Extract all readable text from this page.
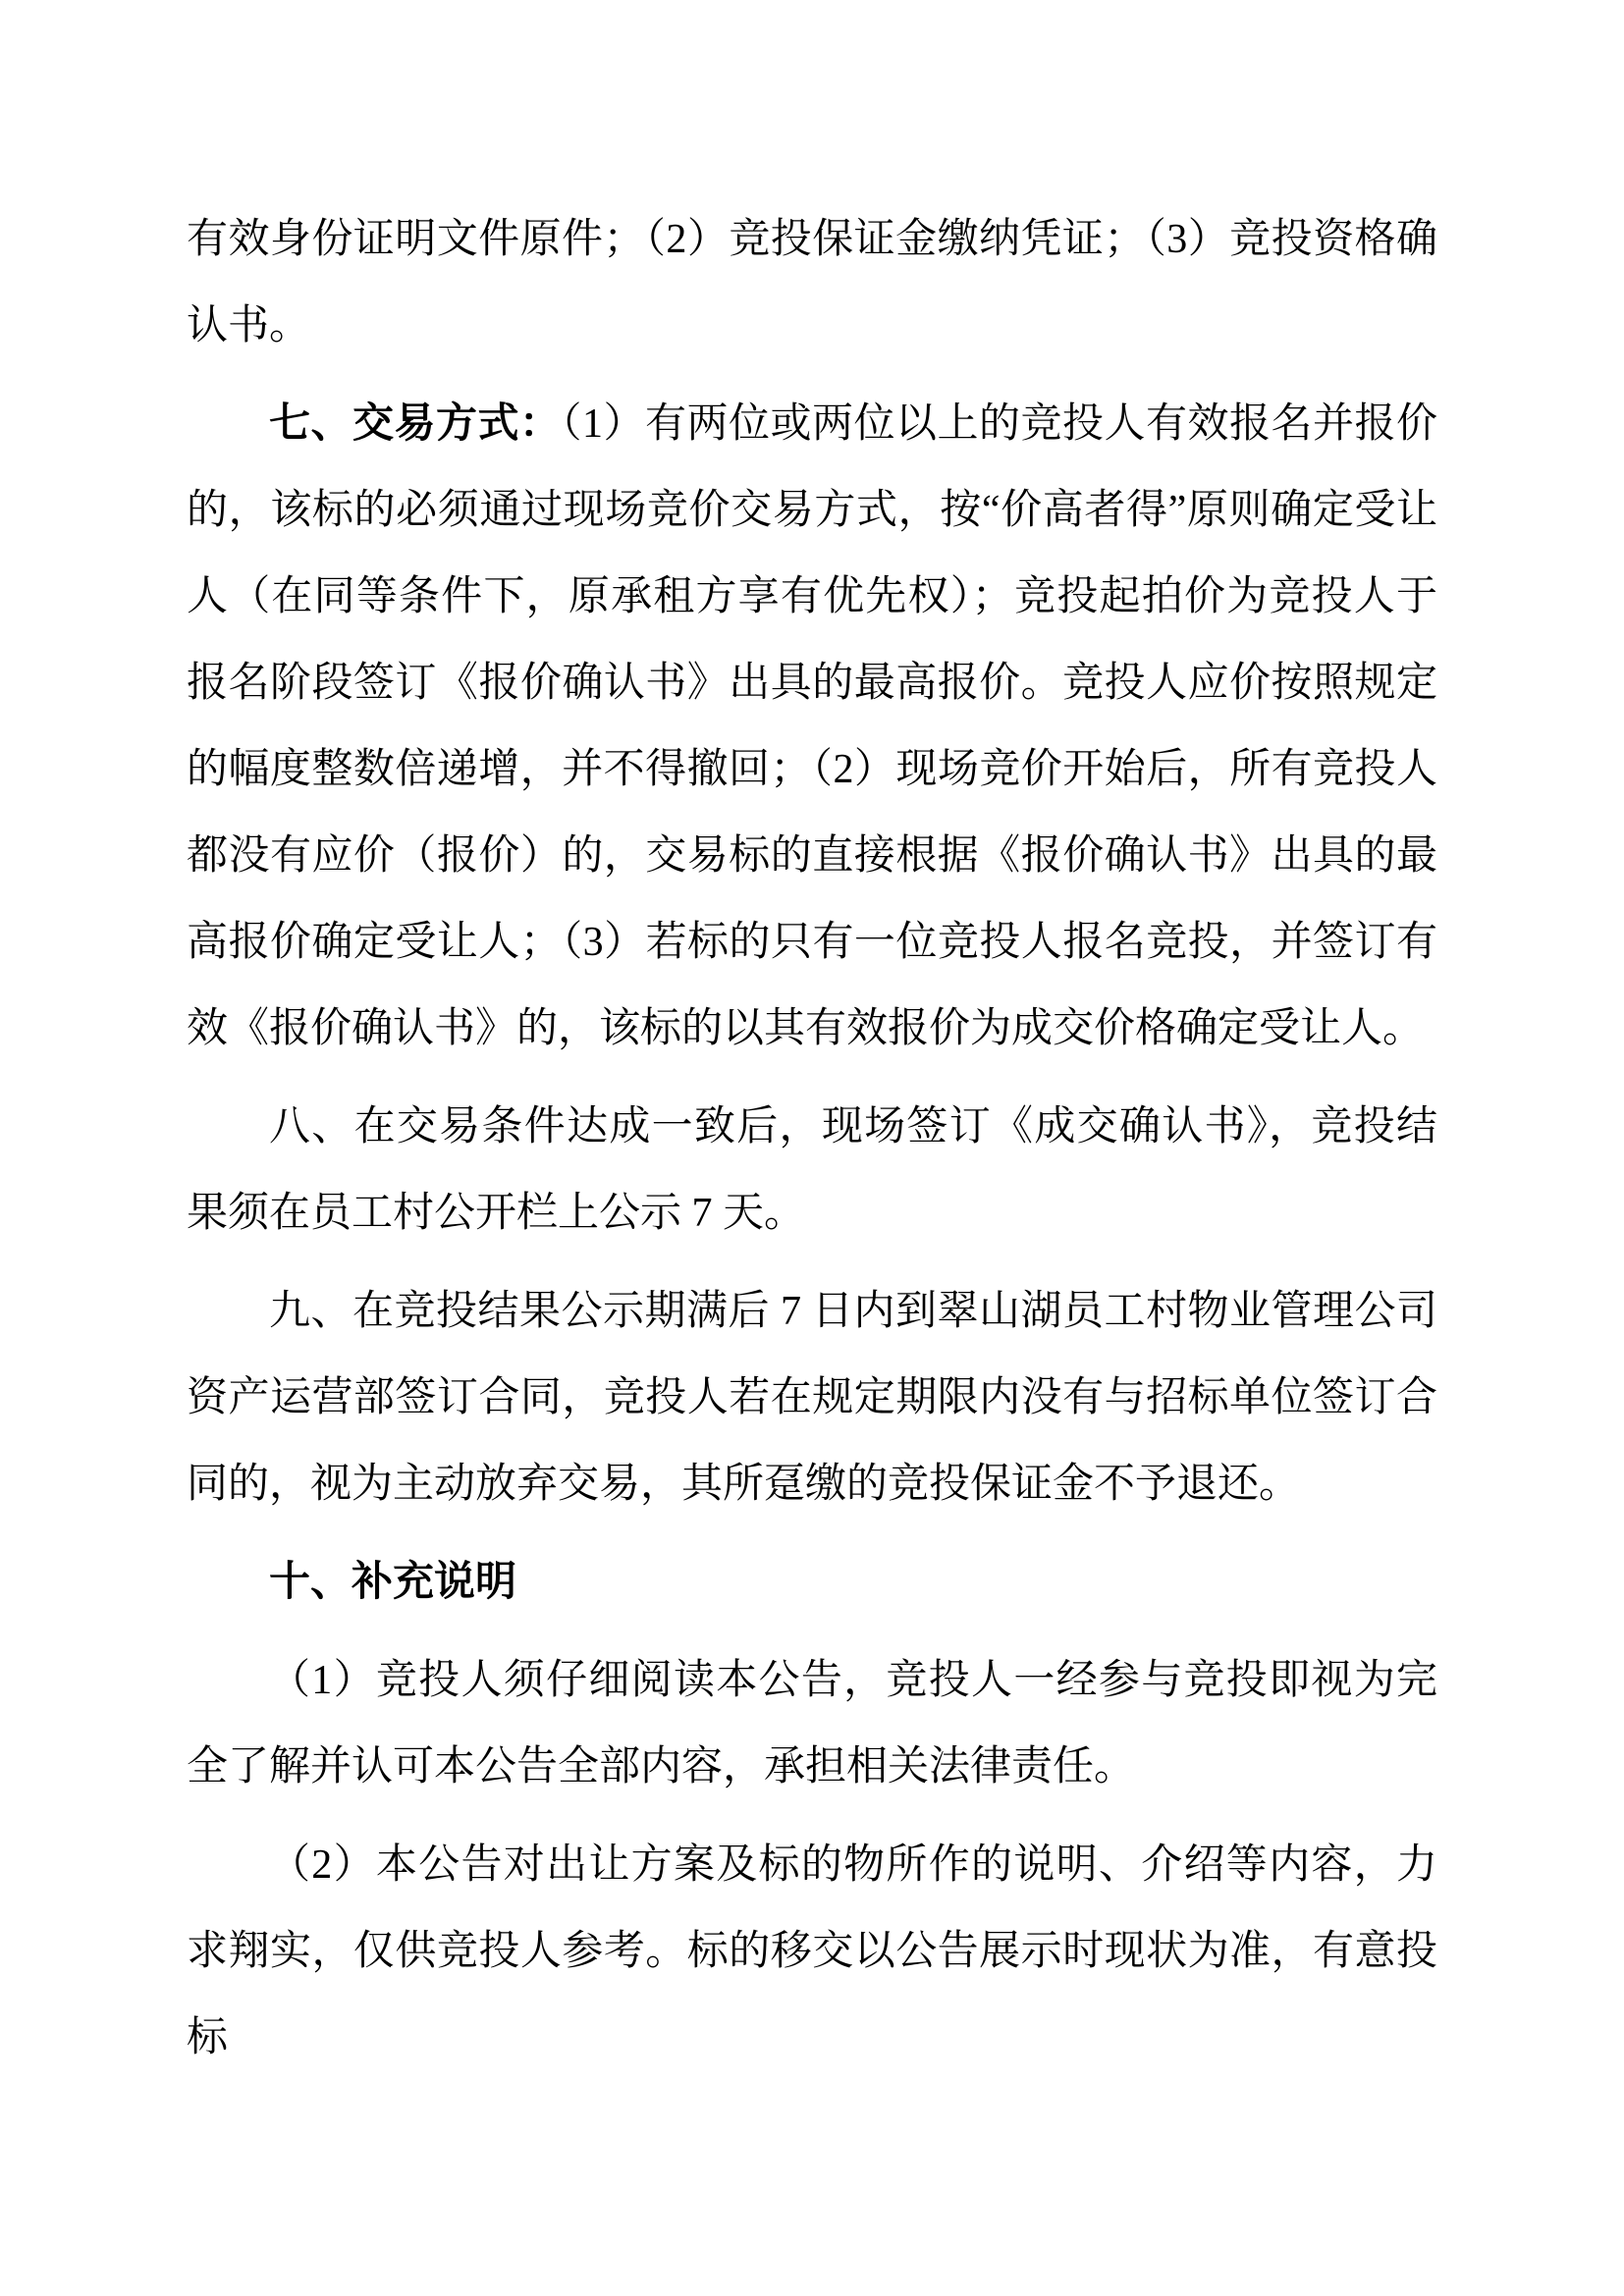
有效身份证明文件原件；（2）竞投保证金缴纳凭证；（3）竞投资格确认书。

七、交易方式：（1）有两位或两位以上的竞投人有效报名并报价的，该标的必须通过现场竞价交易方式，按“价高者得”原则确定受让人（在同等条件下，原承租方享有优先权）；竞投起拍价为竞投人于报名阶段签订《报价确认书》出具的最高报价。竞投人应价按照规定的幅度整数倍递增，并不得撤回；（2）现场竞价开始后，所有竞投人都没有应价（报价）的，交易标的直接根据《报价确认书》出具的最高报价确定受让人；（3）若标的只有一位竞投人报名竞投，并签订有效《报价确认书》的，该标的以其有效报价为成交价格确定受让人。

八、在交易条件达成一致后，现场签订《成交确认书》，竞投结果须在员工村公开栏上公示 7 天。

九、在竞投结果公示期满后 7 日内到翠山湖员工村物业管理公司资产运营部签订合同，竞投人若在规定期限内没有与招标单位签订合同的，视为主动放弃交易，其所趸缴的竞投保证金不予退还。

十、补充说明

（1）竞投人须仔细阅读本公告，竞投人一经参与竞投即视为完全了解并认可本公告全部内容，承担相关法律责任。

（2）本公告对出让方案及标的物所作的说明、介绍等内容，力求翔实，仅供竞投人参考。标的移交以公告展示时现状为准，有意投标
